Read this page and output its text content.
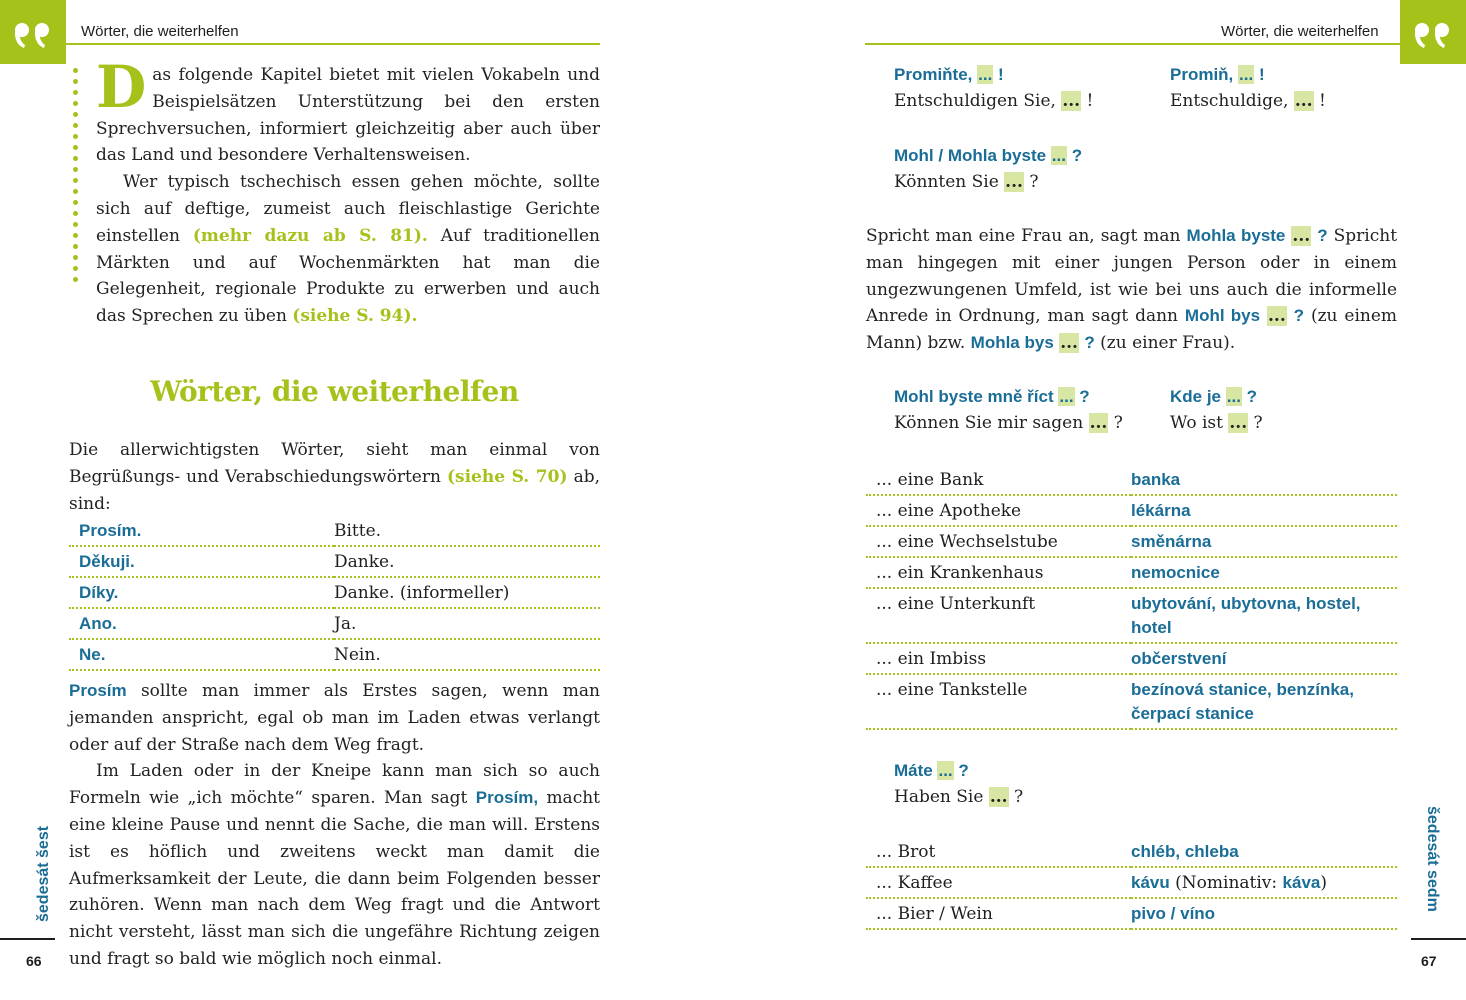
Wörter, die weiterhelfen

Das folgende Kapitel bietet mit vielen Vokabeln und Beispielsätzen Unterstützung bei den ersten Sprechversuchen, informiert gleichzeitig aber auch über das Land und besondere Verhaltensweisen.

Wer typisch tschechisch essen gehen möchte, sollte sich auf deftige, zumeist auch fleischlastige Gerichte einstellen (mehr dazu ab S. 81). Auf traditionellen Märkten und auf Wochenmärkten hat man die Gelegenheit, regionale Produkte zu erwerben und auch das Sprechen zu üben (siehe S. 94).

Wörter, die weiterhelfen
Die allerwichtigsten Wörter, sieht man einmal von Begrüßungs- und Verabschiedungswörtern (siehe S. 70) ab, sind:
Prosím.	Bitte.
Děkuji.	Danke.
Díky.	Danke. (informeller)
Ano.	Ja.
Ne.	Nein.

Prosím sollte man immer als Erstes sagen, wenn man jemanden anspricht, egal ob man im Laden etwas verlangt oder auf der Straße nach dem Weg fragt.

Im Laden oder in der Kneipe kann man sich so auch Formeln wie „ich möchte“ sparen. Man sagt Prosím, macht eine kleine Pause und nennt die Sache, die man will. Erstens ist es höflich und zweitens weckt man damit die Aufmerksamkeit der Leute, die dann beim Folgenden besser zuhören. Wenn man nach dem Weg fragt und die Antwort nicht versteht, lässt man sich die ungefähre Richtung zeigen und fragt so bald wie möglich noch einmal.

šedesát šest
66
Wörter, die weiterhelfen
Promiňte, ... !
Entschuldigen Sie, ... !
Promiň, ... !
Entschuldige, ... !
Mohl / Mohla byste ... ?
Könnten Sie ... ?
Spricht man eine Frau an, sagt man Mohla byste ... ? Spricht man hingegen mit einer jungen Person oder in einem ungezwungenen Umfeld, ist wie bei uns auch die informelle Anrede in Ordnung, man sagt dann Mohl bys ... ? (zu einem Mann) bzw. Mohla bys ... ? (zu einer Frau).
Mohl byste mně říct ... ?
Können Sie mir sagen ... ?
Kde je ... ?
Wo ist ... ?
... eine Bank	banka
... eine Apotheke	lékárna
... eine Wechselstube	směnárna
... ein Krankenhaus	nemocnice
... eine Unterkunft	ubytování, ubytovna, hostel, hotel
... ein Imbiss	občerstvení
... eine Tankstelle	bezínová stanice, benzínka, čerpací stanice
Máte ... ?
Haben Sie ... ?
... Brot	chléb, chleba
... Kaffee	kávu (Nominativ: káva)
... Bier / Wein	pivo / víno
šedesát sedm
67
